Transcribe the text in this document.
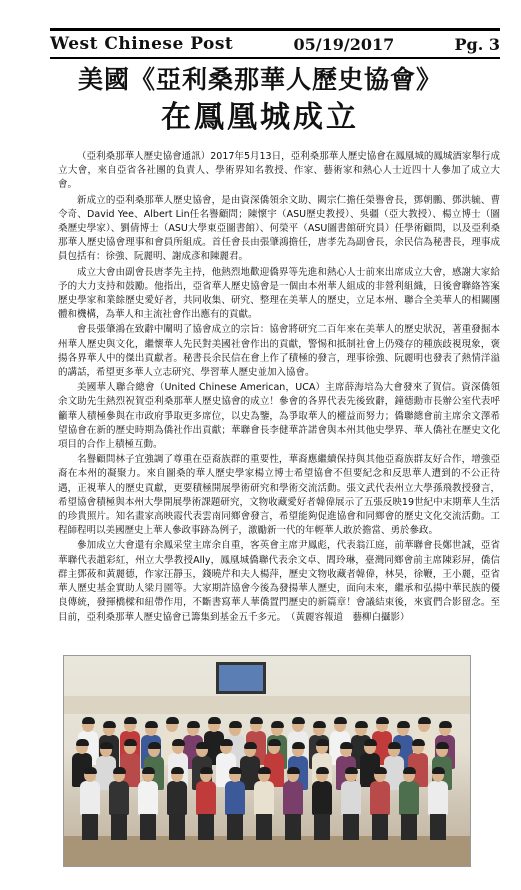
West Chinese Post	05/19/2017	Pg. 3
美國《亞利桑那華人歷史協會》
在鳳凰城成立

（亞利桑那華人歷史協會通訊）2017年5月13日，亞利桑那華人歷史協會在鳳凰城的鳳城酒家舉行成立大會，來自亞省各社團的負責人、學術界知名教授、作家、藝術家和熱心人士近四十人參加了成立大會。

新成立的亞利桑那華人歷史協會，是由資深僑領余文助、闕宗仁擔任榮譽會長，鄧朝鵬、鄧洪毓、曹令奇、David Yee、Albert Lin任名譽顧問；陳懷宇（ASU歷史教授）、吳疆（亞大教授）、楊立博士（圖桑歷史學家）、劉倩博士（ASU大學東亞圖書館）、何榮平（ASU圖書館研究員）任學術顧問，以及亞利桑那華人歷史協會理事和會員所組成。首任會長由張肇鴻擔任，唐孝先為副會長，余民信為秘書長，理事成員包括有：徐強、阮麗明、謝成彥和陳麗君。

成立大會由副會長唐孝先主持，他熱烈地歡迎僑界等先進和熱心人士前來出席成立大會，感謝大家給予的大力支持和鼓勵。他指出，亞省華人歷史協會是一個由本州華人組成的非營利組織，日後會聯絡答案歷史學家和業餘歷史愛好者，共同收集、研究、整理在美華人的歷史，立足本州、聯合全美華人的相關團體和機構，為華人和主流社會作出應有的貢獻。

會長張肇鴻在致辭中闡明了協會成立的宗旨：協會將研究二百年來在美華人的歷史狀況，著重發掘本州華人歷史與文化，繼懷華人先民對美國社會作出的貢獻，警惕和抵制社會上仍殘存的種族歧視現象，褒揚各界華人中的傑出貢獻者。秘書長余民信在會上作了積極的發言，理事徐強、阮麗明也發表了熱情洋溢的講話，希望更多華人立志研究、學習華人歷史並加入協會。

美國華人聯合總會（United Chinese American，UCA）主席薛海培為大會發來了賀信。資深僑領余文助先生熱烈祝賀亞利桑那華人歷史協會的成立！參會的各界代表先後致辭，鐘德勳市長辦公室代表呼籲華人積極參與在市政府爭取更多席位，以史為鑒，為爭取華人的權益而努力；僑聯總會前主席余文澤希望協會在新的歷史時期為僑社作出貢獻；華聯會長李健華許諾會與本州其他史學界、華人僑社在歷史文化項目的合作上積極互動。

名譽顧問林子宜強調了尊重在亞裔族群的重要性，華裔應繼續保持與其他亞裔族群友好合作，增強亞裔在本州的凝聚力。來自圖桑的華人歷史學家楊立博士希望協會不但要紀念和反思華人遭到的不公正待遇，正視華人的歷史貢獻，更要積極開展學術研究和學術交流活動。張文武代表州立大學孫飛教授發言，希望協會積極與本州大學開展學術課題研究，文物收藏愛好者韓偉展示了五張反映19世紀中末期華人生活的珍貴照片。知名畫家高映霞代表雲南同鄉會發言，希望能夠促進協會和同鄉會的歷史文化交流活動。工程師程明以美國歷史上華人參政事跡為例子，激勵新一代的年輕華人敢於擔當、勇於參政。

參加成立大會還有余鳳采堂主席余自重，客英會主席尹鳳彪，代表翁江庭，前華聯會長鄭世誠，亞省華聯代表趙彩紅，州立大學教授Ally，鳳凰城僑聯代表余文卓、閻玲琳，臺灣同鄉會前主席陳彩屏，僑信群主鄧莜和黃麗德，作家汪靜玉，錢曉芹和夫人楊萍，歷史文物收藏者韓偉，林昊，徐鞭，王小麗，亞省華人歷史基金實助人梁月園等。大家期許協會今後為發揚華人歷史，面向未來，繼承和弘揚中華民族的優良傳統，發揮橋樑和紐帶作用，不斷書寫華人華僑置門歷史的新篇章！會議結束後，來賓們合影留念。至目前，亞利桑那華人歷史協會已籌集到基金五千多元。　（黃麗容報道　藝柳白攝影）
